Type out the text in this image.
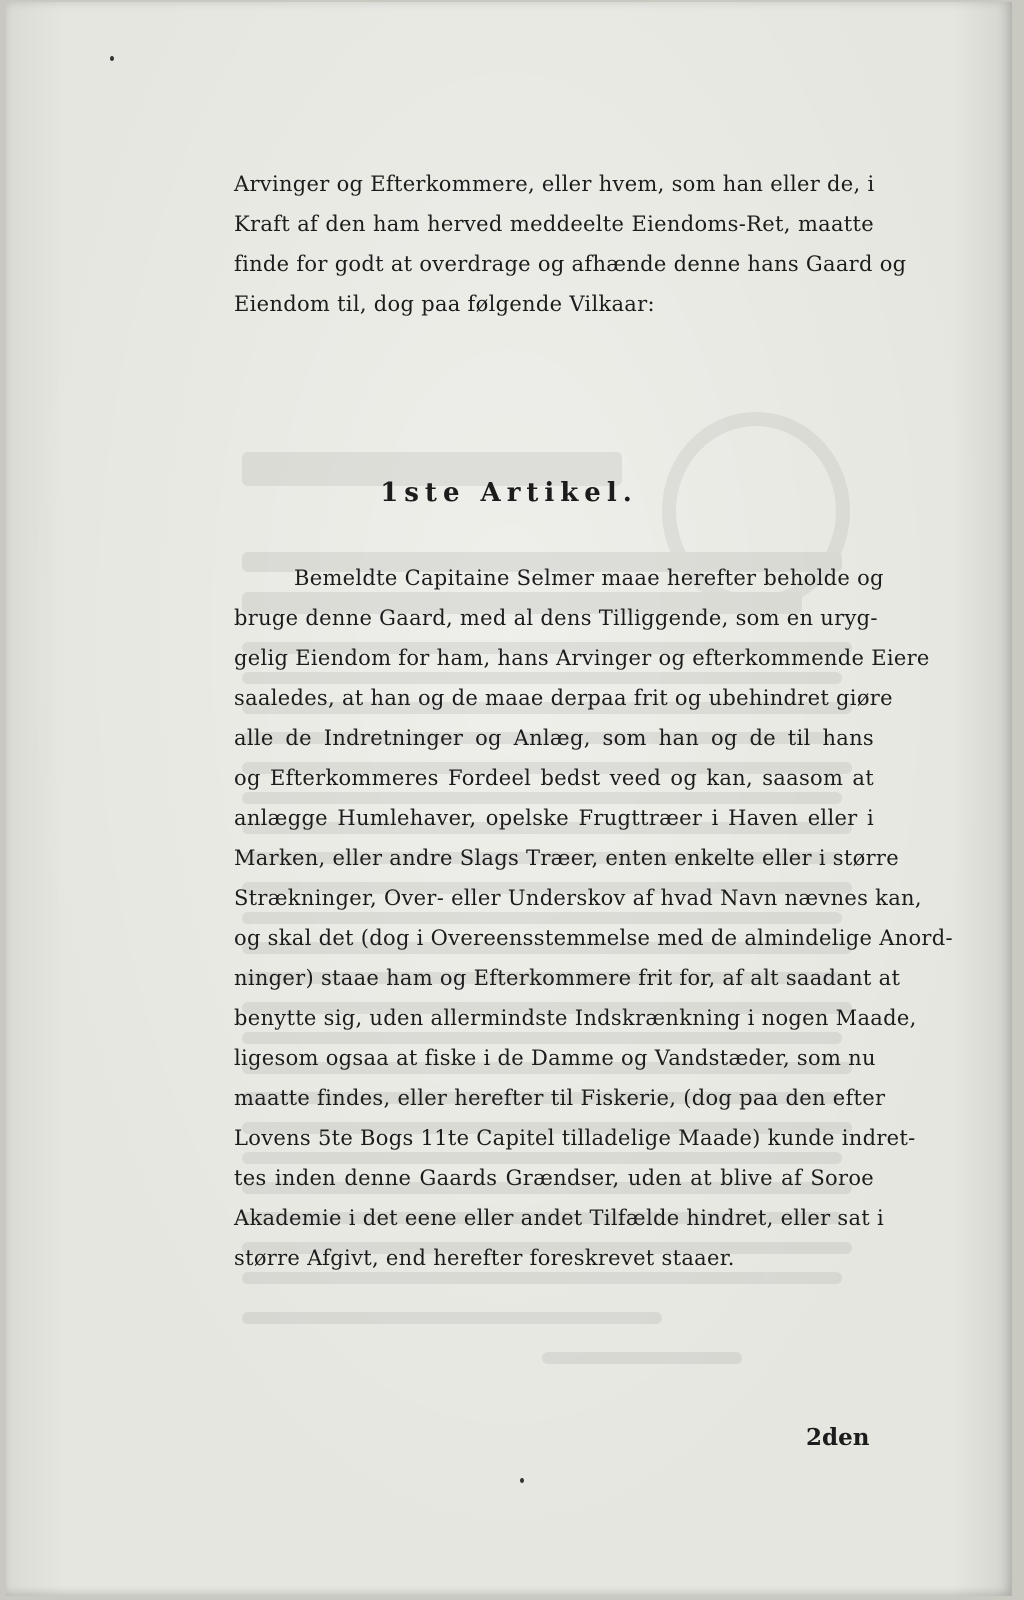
Arvinger og Efterkommere, eller hvem, som han eller de, i
Kraft af den ham herved meddeelte Eiendoms-Ret, maatte
finde for godt at overdrage og afhænde denne hans Gaard og
Eiendom til, dog paa følgende Vilkaar:
1ste Artikel.
Bemeldte Capitaine Selmer maae herefter beholde og
bruge denne Gaard, med al dens Tilliggende, som en uryg-
gelig Eiendom for ham, hans Arvinger og efterkommende Eiere
saaledes, at han og de maae derpaa frit og ubehindret giøre
alle de Indretninger og Anlæg, som han og de til hans
og Efterkommeres Fordeel bedst veed og kan, saasom at
anlægge Humlehaver, opelske Frugttræer i Haven eller i
Marken, eller andre Slags Træer, enten enkelte eller i større
Strækninger, Over- eller Underskov af hvad Navn nævnes kan,
og skal det (dog i Overeensstemmelse med de almindelige Anord-
ninger) staae ham og Efterkommere frit for, af alt saadant at
benytte sig, uden allermindste Indskrænkning i nogen Maade,
ligesom ogsaa at fiske i de Damme og Vandstæder, som nu
maatte findes, eller herefter til Fiskerie, (dog paa den efter
Lovens 5te Bogs 11te Capitel tilladelige Maade) kunde indret-
tes inden denne Gaards Grændser, uden at blive af Soroe
Akademie i det eene eller andet Tilfælde hindret, eller sat i
større Afgivt, end herefter foreskrevet staaer.
2den
